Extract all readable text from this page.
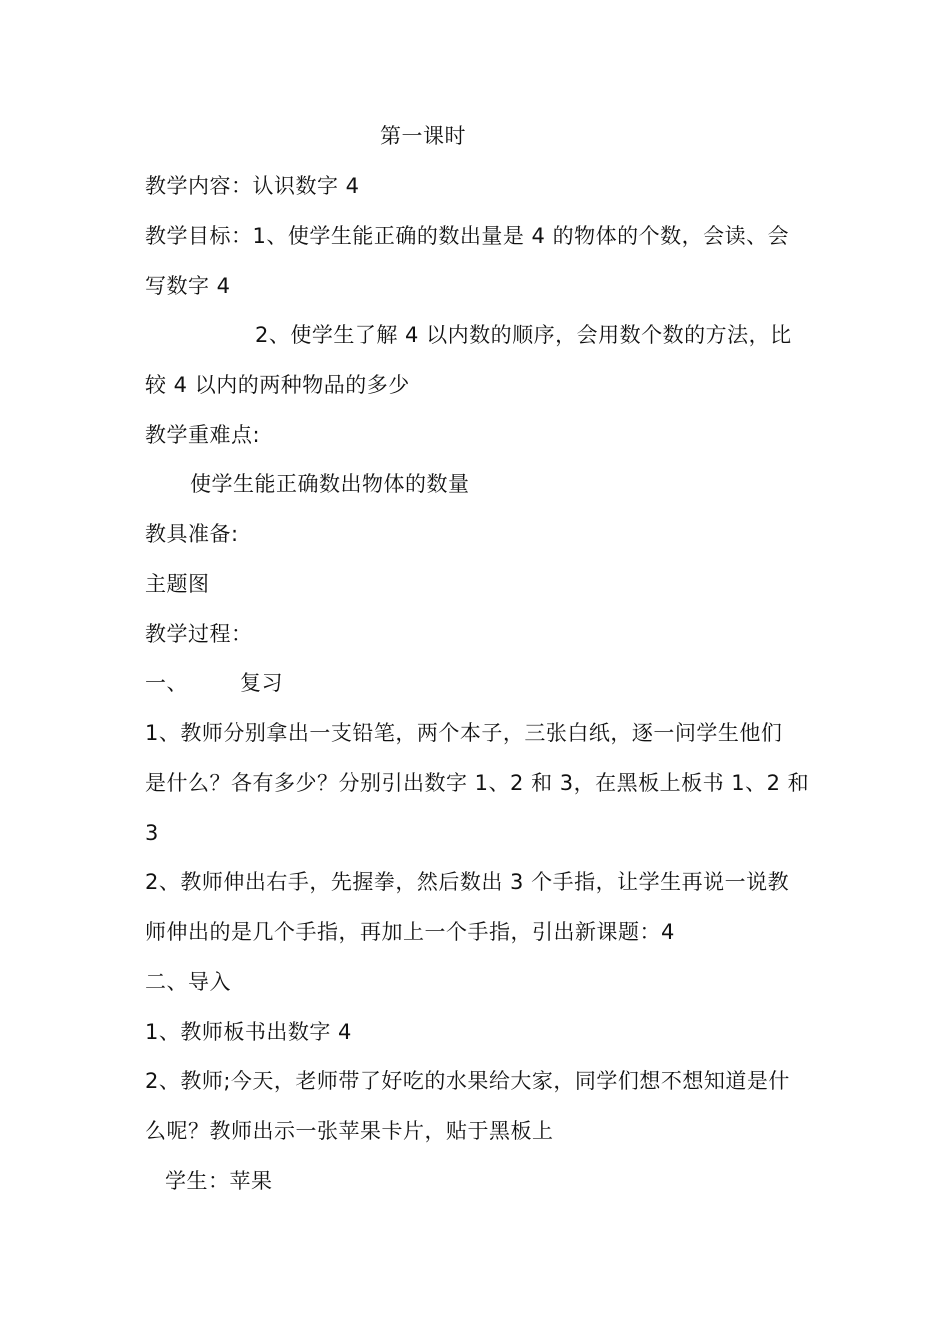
第一课时
教学内容：认识数字 4
教学目标：1、使学生能正确的数出量是 4 的物体的个数，会读、会
写数字 4
2、使学生了解 4 以内数的顺序，会用数个数的方法，比
较 4 以内的两种物品的多少
教学重难点:
使学生能正确数出物体的数量
教具准备:
主题图
教学过程：
一、 复习
1、教师分别拿出一支铅笔，两个本子，三张白纸，逐一问学生他们
是什么？各有多少？分别引出数字 1、2 和 3，在黑板上板书 1、2 和
3
2、教师伸出右手，先握拳，然后数出 3 个手指，让学生再说一说教
师伸出的是几个手指，再加上一个手指，引出新课题：4
二、导入
1、教师板书出数字 4
2、教师;今天，老师带了好吃的水果给大家，同学们想不想知道是什
么呢？教师出示一张苹果卡片，贴于黑板上
学生：苹果
